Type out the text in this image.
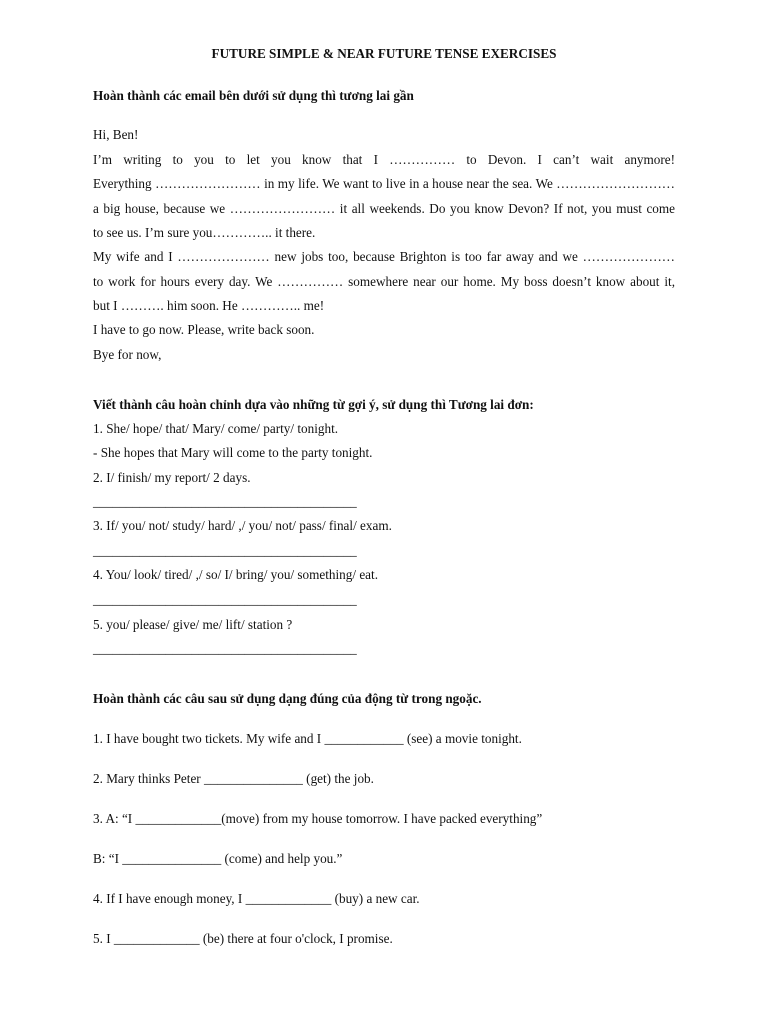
FUTURE SIMPLE & NEAR FUTURE TENSE EXERCISES
Hoàn thành các email bên dưới sử dụng thì tương lai gần
Hi, Ben!
I’m writing to you to let you know that I …………… to Devon. I can’t wait anymore!
Everything …………………… in my life. We want to live in a house near the sea. We ………………………
a big house, because we …………………… it all weekends. Do you know Devon? If not, you must come
to see us. I’m sure you………….. it there.
My wife and I ………………… new jobs too, because Brighton is too far away and we …………………
to work for hours every day. We …………… somewhere near our home. My boss doesn’t know about it,
but I ………. him soon. He ………….. me!
I have to go now. Please, write back soon.
Bye for now,
Viết thành câu hoàn chỉnh dựa vào những từ gợi ý, sử dụng thì Tương lai đơn:
1. She/ hope/ that/ Mary/ come/ party/ tonight.
- She hopes that Mary will come to the party tonight.
2. I/ finish/ my report/ 2 days.
________________________________________
3. If/ you/ not/ study/ hard/ ,/ you/ not/ pass/ final/ exam.
________________________________________
4. You/ look/ tired/ ,/ so/ I/ bring/ you/ something/ eat.
________________________________________
5. you/ please/ give/ me/ lift/ station ?
________________________________________
Hoàn thành các câu sau sử dụng dạng đúng của động từ trong ngoặc.
1. I have bought two tickets. My wife and I ____________ (see) a movie tonight.
2. Mary thinks Peter _______________ (get) the job.
3. A: “I _____________(move) from my house tomorrow. I have packed everything”
B: “I _______________ (come) and help you.”
4. If I have enough money, I _____________ (buy) a new car.
5. I _____________ (be) there at four o'clock, I promise.
